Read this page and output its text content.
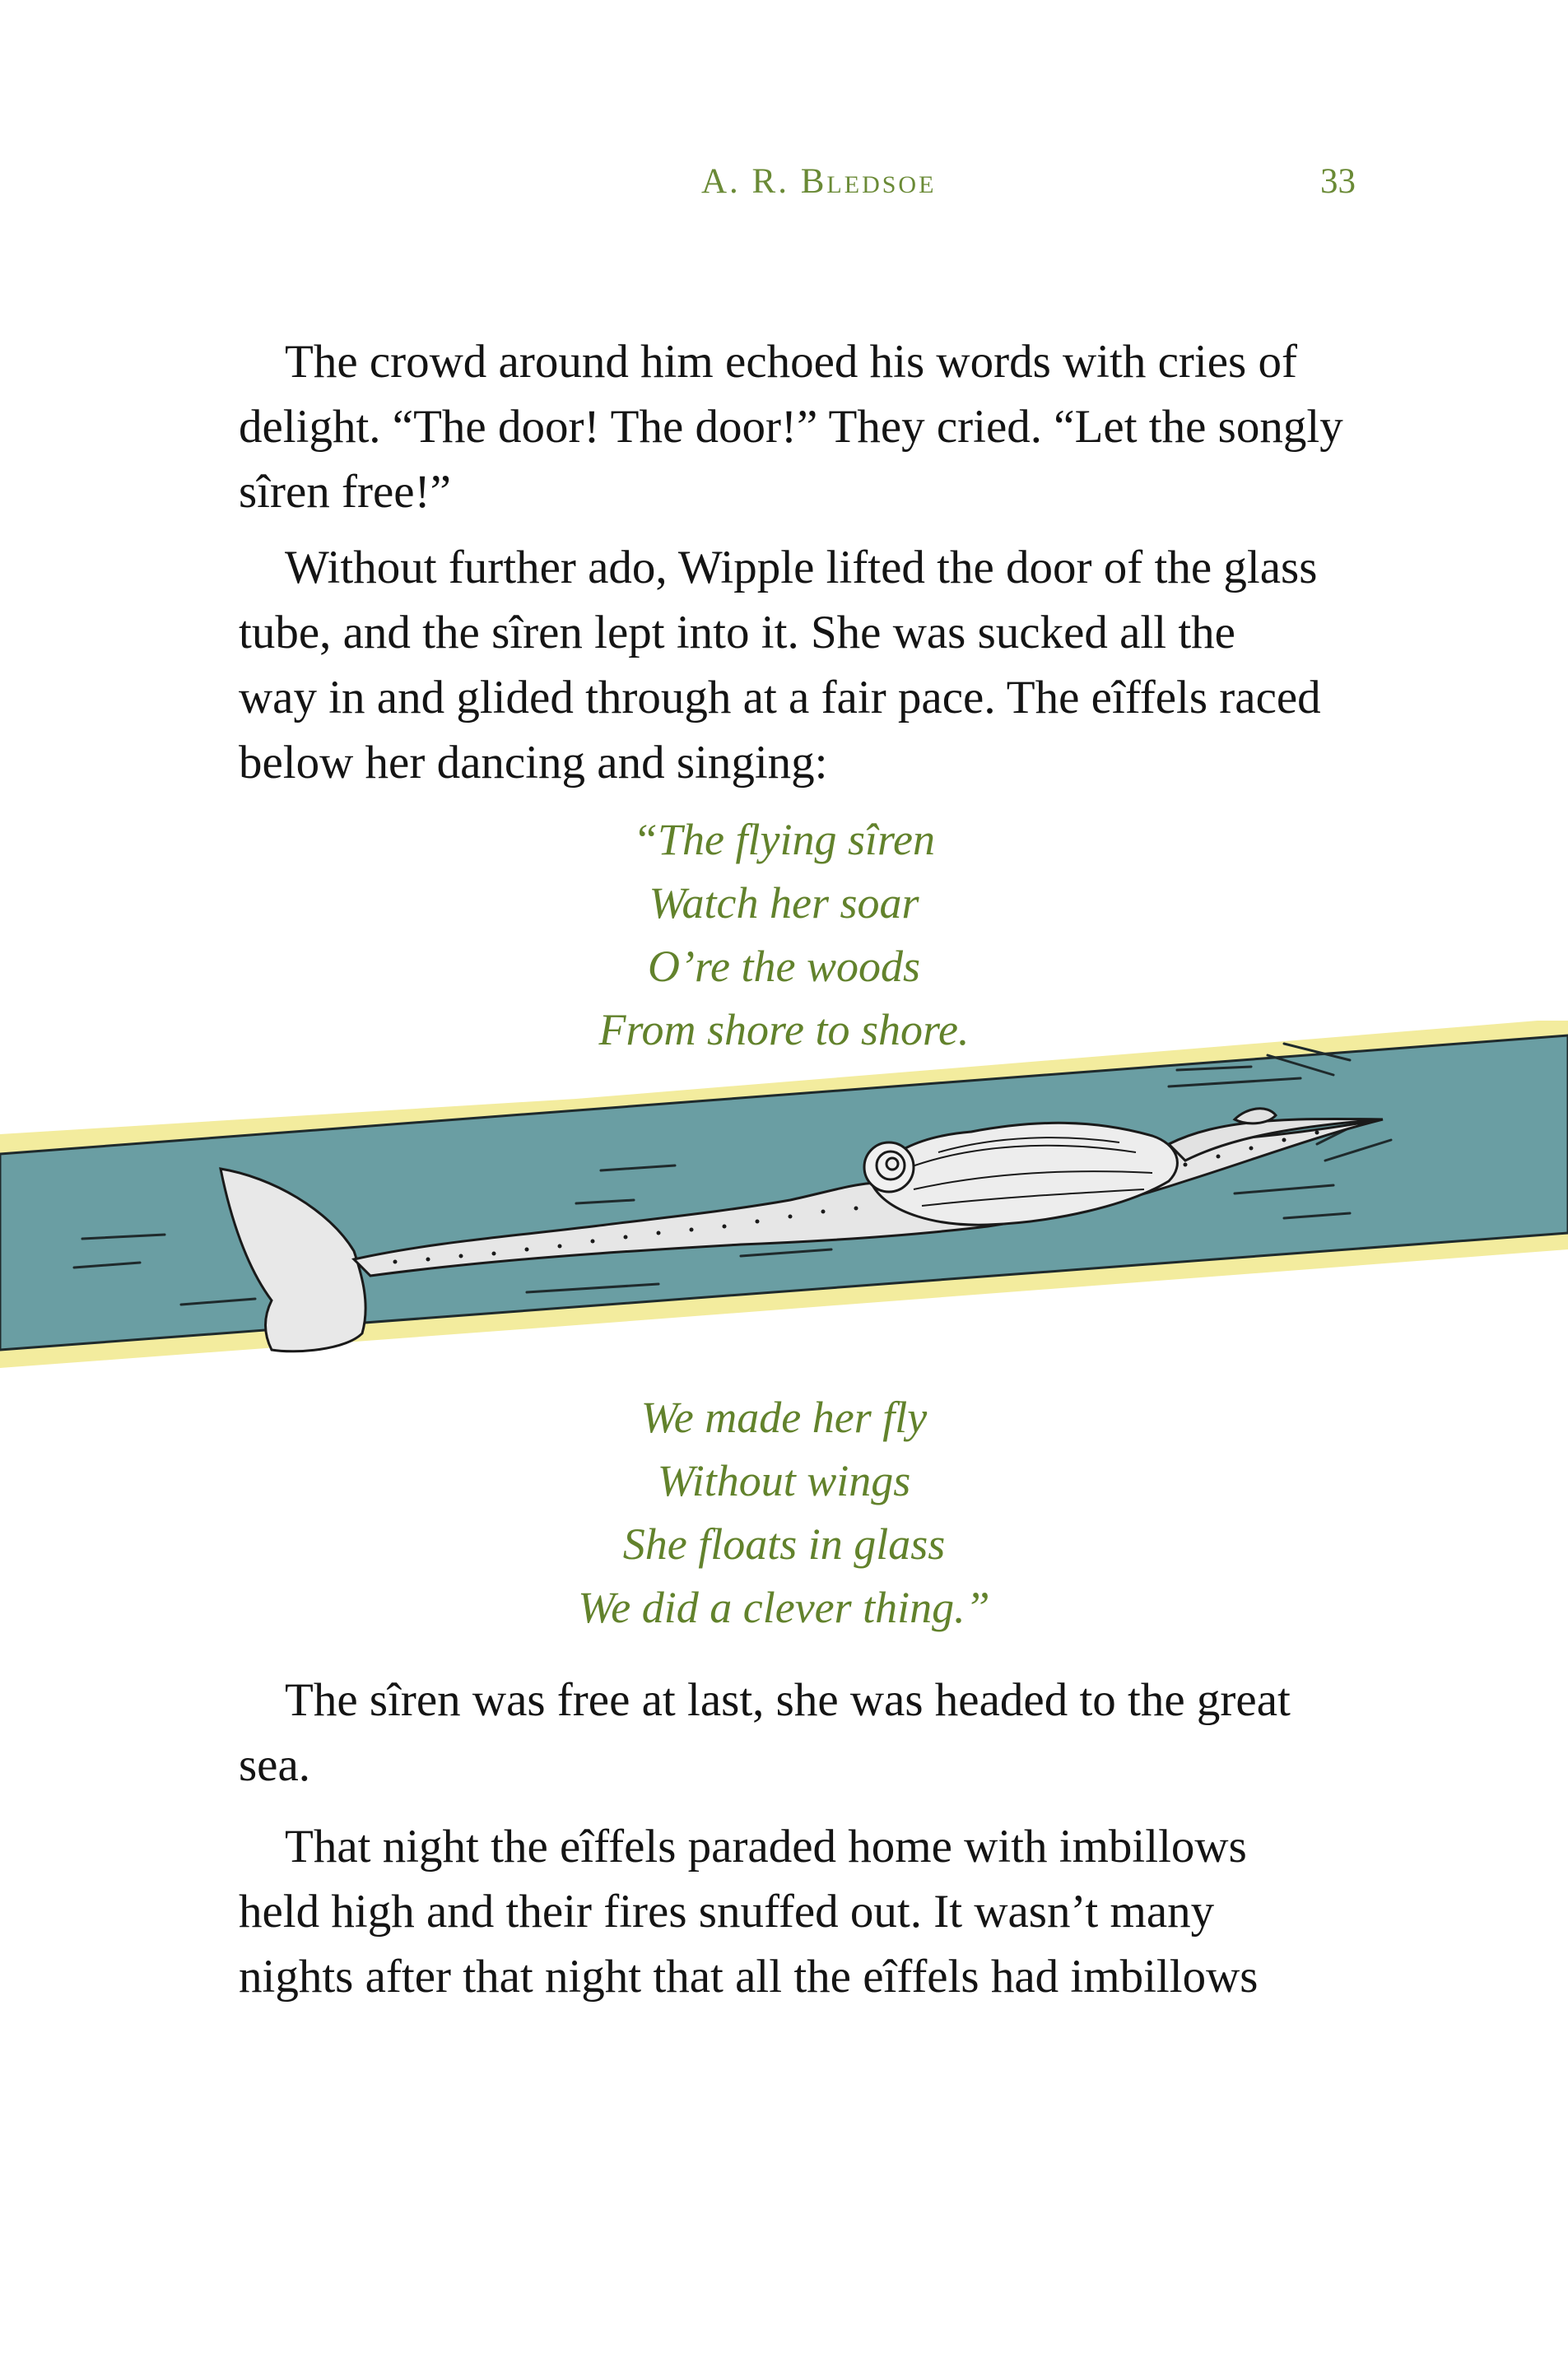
A. R. Bledsoe	33

The crowd around him echoed his words with cries of
delight. “The door! The door!” They cried. “Let the songly
sîren free!”

Without further ado, Wipple lifted the door of the glass
tube, and the sîren lept into it. She was sucked all the
way in and glided through at a fair pace. The eîffels raced
below her dancing and singing:

“The flying sîren
Watch her soar
O’re the woods
From shore to shore.

We made her fly
Without wings
She floats in glass
We did a clever thing.”

The sîren was free at last, she was headed to the great
sea.

That night the eîffels paraded home with imbillows
held high and their fires snuffed out. It wasn’t many
nights after that night that all the eîffels had imbillows
